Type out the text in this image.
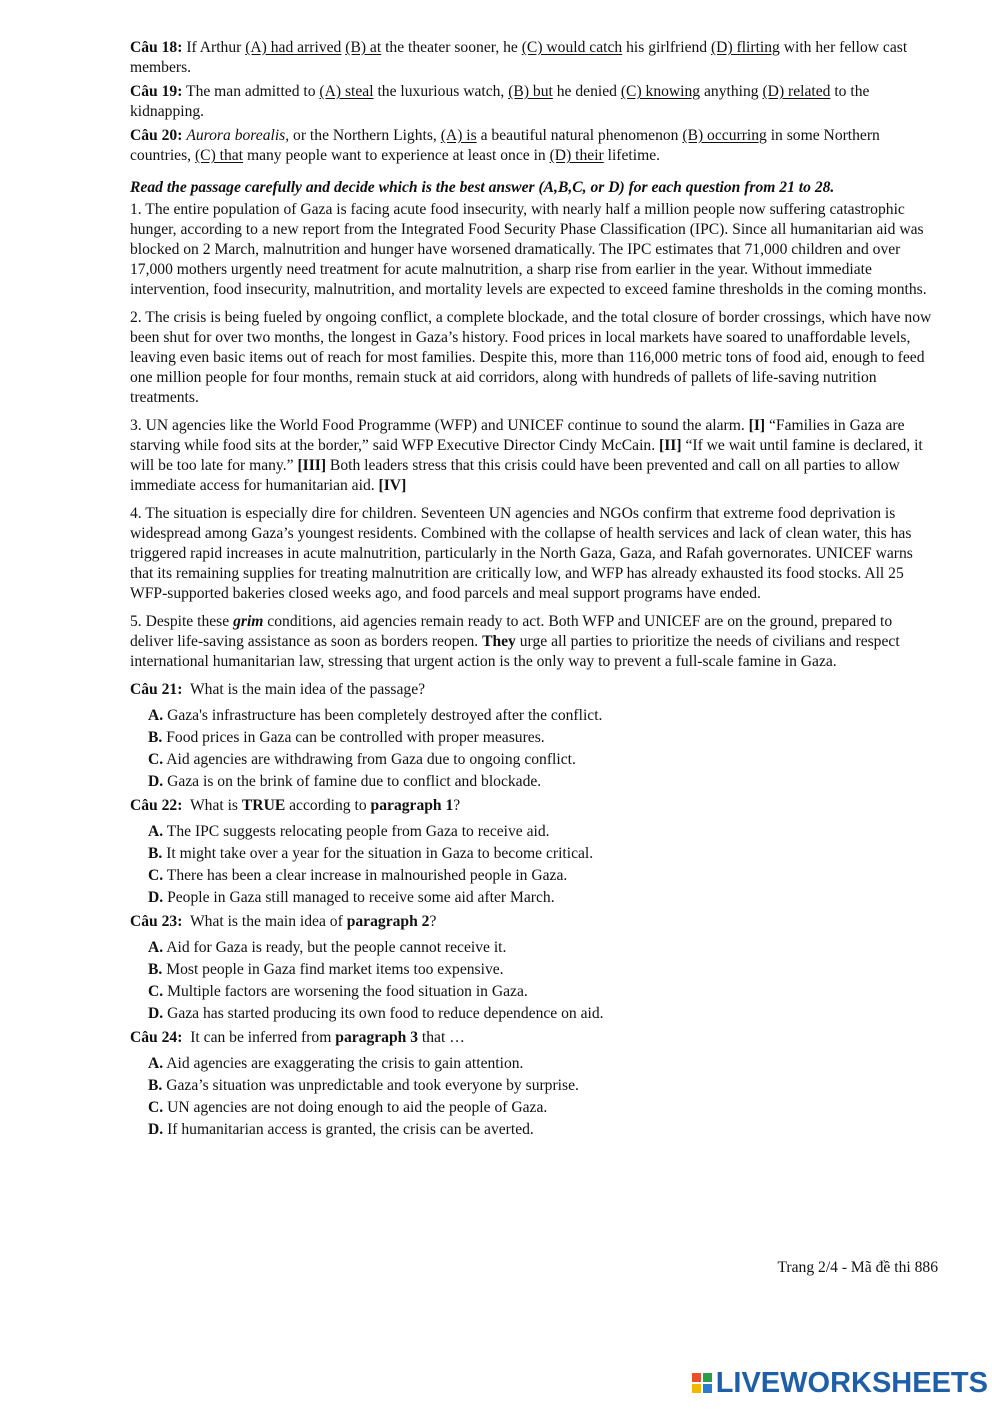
Câu 18: If Arthur (A) had arrived (B) at the theater sooner, he (C) would catch his girlfriend (D) flirting with her fellow cast members.

Câu 19: The man admitted to (A) steal the luxurious watch, (B) but he denied (C) knowing anything (D) related to the kidnapping.

Câu 20: Aurora borealis, or the Northern Lights, (A) is a beautiful natural phenomenon (B) occurring in some Northern countries, (C) that many people want to experience at least once in (D) their lifetime.

Read the passage carefully and decide which is the best answer (A,B,C, or D) for each question from 21 to 28.

1. The entire population of Gaza is facing acute food insecurity, with nearly half a million people now suffering catastrophic hunger, according to a new report from the Integrated Food Security Phase Classification (IPC). Since all humanitarian aid was blocked on 2 March, malnutrition and hunger have worsened dramatically. The IPC estimates that 71,000 children and over 17,000 mothers urgently need treatment for acute malnutrition, a sharp rise from earlier in the year. Without immediate intervention, food insecurity, malnutrition, and mortality levels are expected to exceed famine thresholds in the coming months.

2. The crisis is being fueled by ongoing conflict, a complete blockade, and the total closure of border crossings, which have now been shut for over two months, the longest in Gaza’s history. Food prices in local markets have soared to unaffordable levels, leaving even basic items out of reach for most families. Despite this, more than 116,000 metric tons of food aid, enough to feed one million people for four months, remain stuck at aid corridors, along with hundreds of pallets of life-saving nutrition treatments.

3. UN agencies like the World Food Programme (WFP) and UNICEF continue to sound the alarm. [I] “Families in Gaza are starving while food sits at the border,” said WFP Executive Director Cindy McCain. [II] “If we wait until famine is declared, it will be too late for many.” [III] Both leaders stress that this crisis could have been prevented and call on all parties to allow immediate access for humanitarian aid. [IV]

4. The situation is especially dire for children. Seventeen UN agencies and NGOs confirm that extreme food deprivation is widespread among Gaza’s youngest residents. Combined with the collapse of health services and lack of clean water, this has triggered rapid increases in acute malnutrition, particularly in the North Gaza, Gaza, and Rafah governorates. UNICEF warns that its remaining supplies for treating malnutrition are critically low, and WFP has already exhausted its food stocks. All 25 WFP-supported bakeries closed weeks ago, and food parcels and meal support programs have ended.

5. Despite these grim conditions, aid agencies remain ready to act. Both WFP and UNICEF are on the ground, prepared to deliver life-saving assistance as soon as borders reopen. They urge all parties to prioritize the needs of civilians and respect international humanitarian law, stressing that urgent action is the only way to prevent a full-scale famine in Gaza.

Câu 21: What is the main idea of the passage?

A. Gaza's infrastructure has been completely destroyed after the conflict.
B. Food prices in Gaza can be controlled with proper measures.
C. Aid agencies are withdrawing from Gaza due to ongoing conflict.
D. Gaza is on the brink of famine due to conflict and blockade.

Câu 22: What is TRUE according to paragraph 1?

A. The IPC suggests relocating people from Gaza to receive aid.
B. It might take over a year for the situation in Gaza to become critical.
C. There has been a clear increase in malnourished people in Gaza.
D. People in Gaza still managed to receive some aid after March.

Câu 23: What is the main idea of paragraph 2?

A. Aid for Gaza is ready, but the people cannot receive it.
B. Most people in Gaza find market items too expensive.
C. Multiple factors are worsening the food situation in Gaza.
D. Gaza has started producing its own food to reduce dependence on aid.

Câu 24: It can be inferred from paragraph 3 that …

A. Aid agencies are exaggerating the crisis to gain attention.
B. Gaza’s situation was unpredictable and took everyone by surprise.
C. UN agencies are not doing enough to aid the people of Gaza.
D. If humanitarian access is granted, the crisis can be averted.
Trang 2/4 - Mã đề thi 886
LIVEWORKSHEETS
